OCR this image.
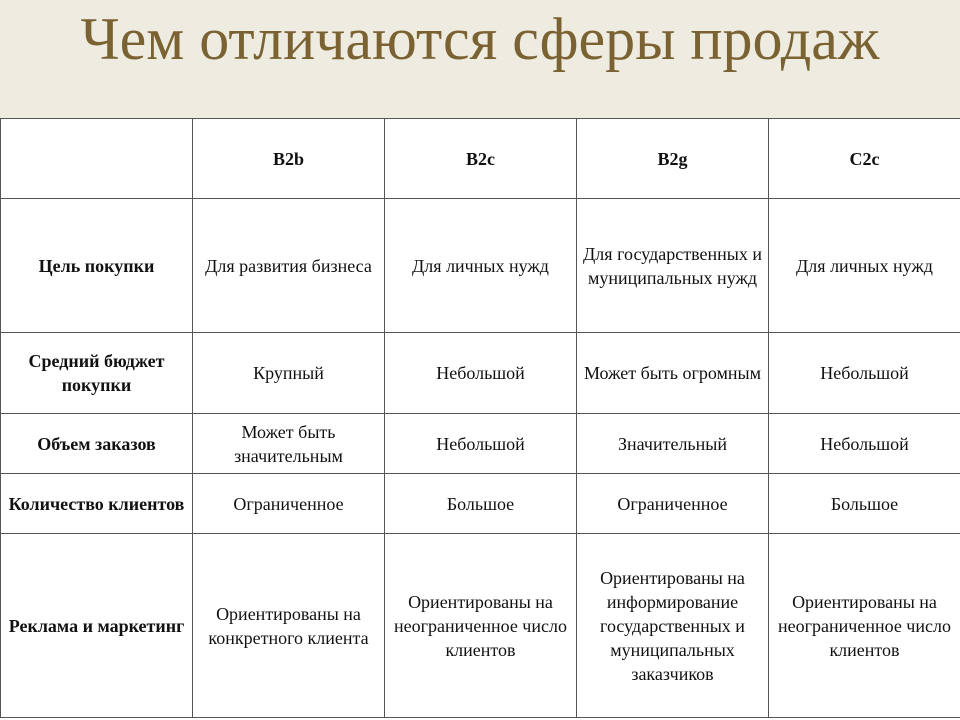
Чем отличаются сферы продаж
	B2b	B2c	B2g	C2c
Цель покупки	Для развития бизнеса	Для личных нужд	Для государственных и муниципальных нужд	Для личных нужд
Средний бюджет покупки	Крупный	Небольшой	Может быть огромным	Небольшой
Объем заказов	Может быть значительным	Небольшой	Значительный	Небольшой
Количество клиентов	Ограниченное	Большое	Ограниченное	Большое
Реклама и маркетинг	Ориентированы на конкретного клиента	Ориентированы на неограниченное число клиентов	Ориентированы на информирование государственных и муниципальных заказчиков	Ориентированы на неограниченное число клиентов
